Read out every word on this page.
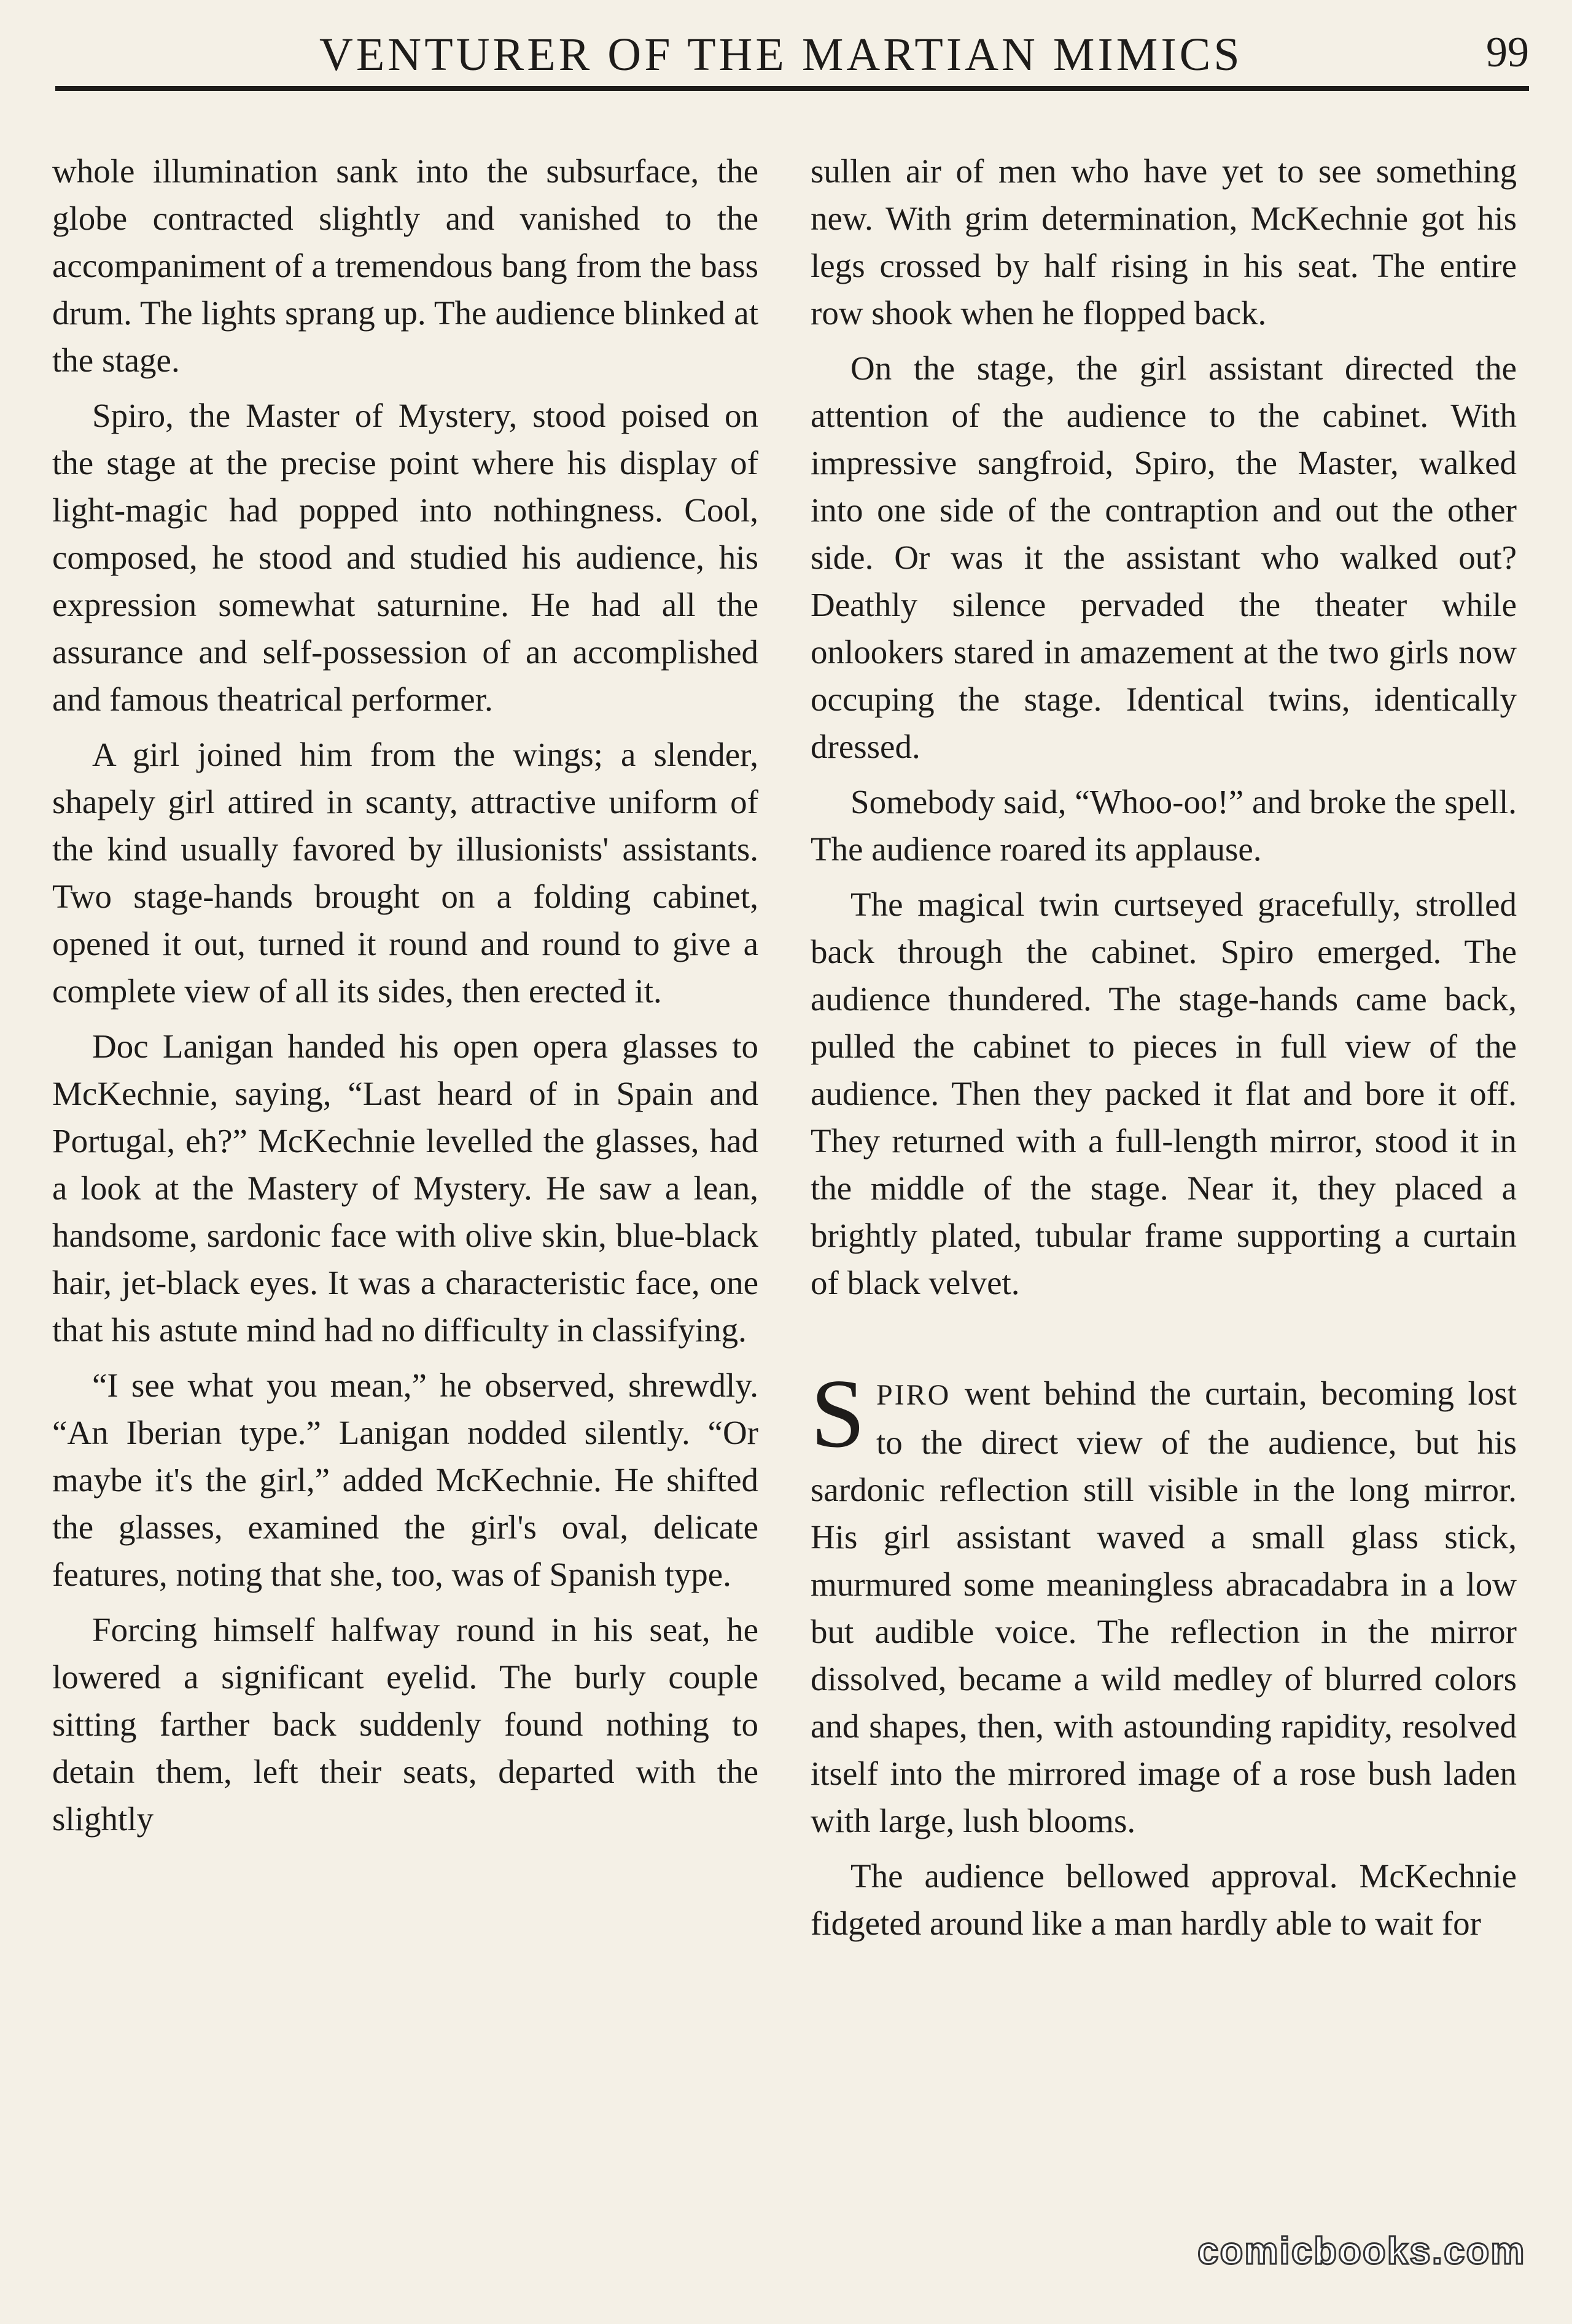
VENTURER OF THE MARTIAN MIMICS	99

whole illumination sank into the subsurface, the globe contracted slightly and vanished to the accompaniment of a tremendous bang from the bass drum. The lights sprang up. The audience blinked at the stage.

Spiro, the Master of Mystery, stood poised on the stage at the precise point where his display of light-magic had popped into nothingness. Cool, composed, he stood and studied his audience, his expression somewhat saturnine. He had all the assurance and self-possession of an accomplished and famous theatrical performer.

A girl joined him from the wings; a slender, shapely girl attired in scanty, attractive uniform of the kind usually favored by illusionists' assistants. Two stage-hands brought on a folding cabinet, opened it out, turned it round and round to give a complete view of all its sides, then erected it.

Doc Lanigan handed his open opera glasses to McKechnie, saying, “Last heard of in Spain and Portugal, eh?” McKechnie levelled the glasses, had a look at the Mastery of Mystery. He saw a lean, handsome, sardonic face with olive skin, blue-black hair, jet-black eyes. It was a characteristic face, one that his astute mind had no difficulty in classifying.

“I see what you mean,” he observed, shrewdly. “An Iberian type.” Lanigan nodded silently. “Or maybe it's the girl,” added McKechnie. He shifted the glasses, examined the girl's oval, delicate features, noting that she, too, was of Spanish type.

Forcing himself halfway round in his seat, he lowered a significant eyelid. The burly couple sitting farther back suddenly found nothing to detain them, left their seats, departed with the slightly

sullen air of men who have yet to see something new. With grim determination, McKechnie got his legs crossed by half rising in his seat. The entire row shook when he flopped back.

On the stage, the girl assistant directed the attention of the audience to the cabinet. With impressive sangfroid, Spiro, the Master, walked into one side of the contraption and out the other side. Or was it the assistant who walked out? Deathly silence pervaded the theater while onlookers stared in amazement at the two girls now occuping the stage. Identical twins, identically dressed.

Somebody said, “Whoo-oo!” and broke the spell. The audience roared its applause.

The magical twin curtseyed gracefully, strolled back through the cabinet. Spiro emerged. The audience thundered. The stage-hands came back, pulled the cabinet to pieces in full view of the audience. Then they packed it flat and bore it off. They returned with a full-length mirror, stood it in the middle of the stage. Near it, they placed a brightly plated, tubular frame supporting a curtain of black velvet.

SPIRO went behind the curtain, becoming lost to the direct view of the audience, but his sardonic reflection still visible in the long mirror. His girl assistant waved a small glass stick, murmured some meaningless abracadabra in a low but audible voice. The reflection in the mirror dissolved, became a wild medley of blurred colors and shapes, then, with astounding rapidity, resolved itself into the mirrored image of a rose bush laden with large, lush blooms.

The audience bellowed approval. McKechnie fidgeted around like a man hardly able to wait for

comicbooks.com
